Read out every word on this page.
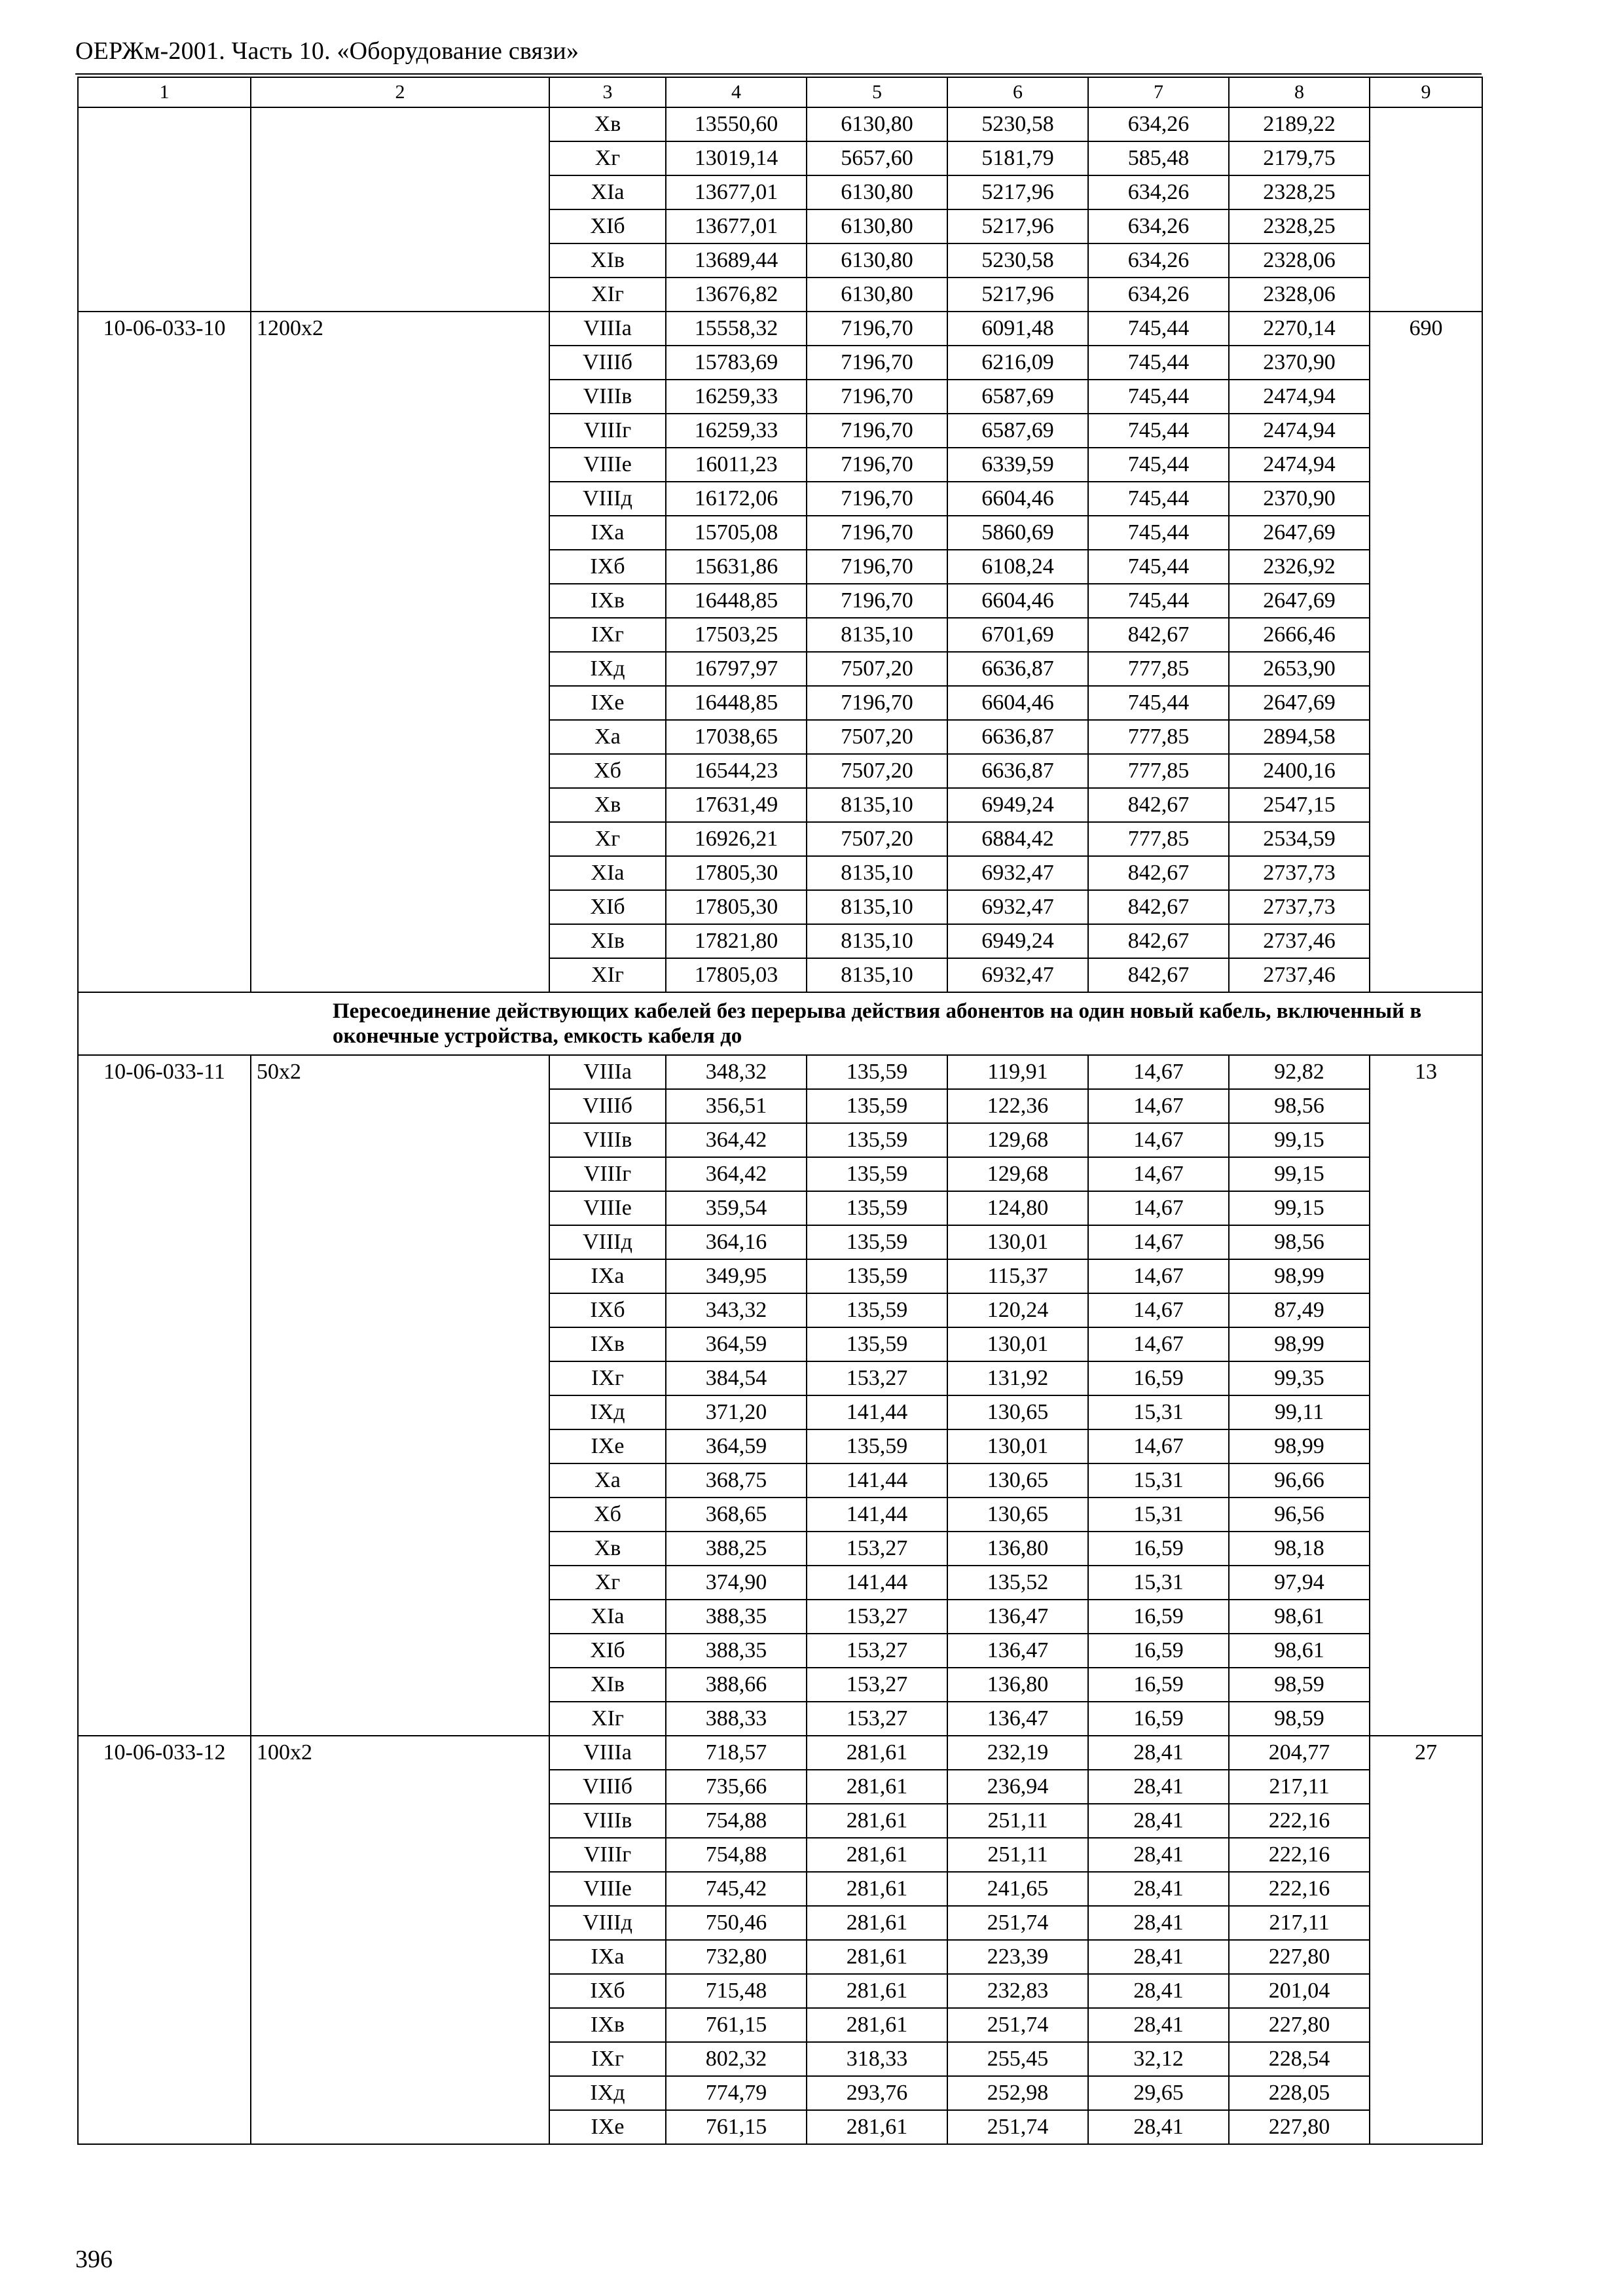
ОЕРЖм-2001. Часть 10. «Оборудование связи»
1	2	3	4	5	6	7	8	9
		Хв	13550,60	6130,80	5230,58	634,26	2189,22	
		Хг	13019,14	5657,60	5181,79	585,48	2179,75	
		XIa	13677,01	6130,80	5217,96	634,26	2328,25	
		XIб	13677,01	6130,80	5217,96	634,26	2328,25	
		XIв	13689,44	6130,80	5230,58	634,26	2328,06	
		XIг	13676,82	6130,80	5217,96	634,26	2328,06	
10-06-033-10	1200х2	VIIIa	15558,32	7196,70	6091,48	745,44	2270,14	690
		VIIIб	15783,69	7196,70	6216,09	745,44	2370,90	
		VIIIв	16259,33	7196,70	6587,69	745,44	2474,94	
		VIIIг	16259,33	7196,70	6587,69	745,44	2474,94	
		VIIIe	16011,23	7196,70	6339,59	745,44	2474,94	
		VIIIд	16172,06	7196,70	6604,46	745,44	2370,90	
		IXa	15705,08	7196,70	5860,69	745,44	2647,69	
		IXб	15631,86	7196,70	6108,24	745,44	2326,92	
		IXв	16448,85	7196,70	6604,46	745,44	2647,69	
		IXг	17503,25	8135,10	6701,69	842,67	2666,46	
		IXд	16797,97	7507,20	6636,87	777,85	2653,90	
		IXe	16448,85	7196,70	6604,46	745,44	2647,69	
		Xa	17038,65	7507,20	6636,87	777,85	2894,58	
		Xб	16544,23	7507,20	6636,87	777,85	2400,16	
		Хв	17631,49	8135,10	6949,24	842,67	2547,15	
		Хг	16926,21	7507,20	6884,42	777,85	2534,59	
		XIa	17805,30	8135,10	6932,47	842,67	2737,73	
		XIб	17805,30	8135,10	6932,47	842,67	2737,73	
		XIв	17821,80	8135,10	6949,24	842,67	2737,46	
		XIг	17805,03	8135,10	6932,47	842,67	2737,46	
Пересоединение действующих кабелей без перерыва действия абонентов на один новый кабель, включенный в оконечные устройства, емкость кабеля до								
10-06-033-11	50х2	VIIIa	348,32	135,59	119,91	14,67	92,82	13
		VIIIб	356,51	135,59	122,36	14,67	98,56	
		VIIIв	364,42	135,59	129,68	14,67	99,15	
		VIIIг	364,42	135,59	129,68	14,67	99,15	
		VIIIe	359,54	135,59	124,80	14,67	99,15	
		VIIIд	364,16	135,59	130,01	14,67	98,56	
		IXa	349,95	135,59	115,37	14,67	98,99	
		IXб	343,32	135,59	120,24	14,67	87,49	
		IXв	364,59	135,59	130,01	14,67	98,99	
		IXг	384,54	153,27	131,92	16,59	99,35	
		IXд	371,20	141,44	130,65	15,31	99,11	
		IXe	364,59	135,59	130,01	14,67	98,99	
		Xa	368,75	141,44	130,65	15,31	96,66	
		Xб	368,65	141,44	130,65	15,31	96,56	
		Хв	388,25	153,27	136,80	16,59	98,18	
		Хг	374,90	141,44	135,52	15,31	97,94	
		XIa	388,35	153,27	136,47	16,59	98,61	
		XIб	388,35	153,27	136,47	16,59	98,61	
		XIв	388,66	153,27	136,80	16,59	98,59	
		XIг	388,33	153,27	136,47	16,59	98,59	
10-06-033-12	100х2	VIIIa	718,57	281,61	232,19	28,41	204,77	27
		VIIIб	735,66	281,61	236,94	28,41	217,11	
		VIIIв	754,88	281,61	251,11	28,41	222,16	
		VIIIг	754,88	281,61	251,11	28,41	222,16	
		VIIIe	745,42	281,61	241,65	28,41	222,16	
		VIIIд	750,46	281,61	251,74	28,41	217,11	
		IXa	732,80	281,61	223,39	28,41	227,80	
		IXб	715,48	281,61	232,83	28,41	201,04	
		IXв	761,15	281,61	251,74	28,41	227,80	
		IXг	802,32	318,33	255,45	32,12	228,54	
		IXд	774,79	293,76	252,98	29,65	228,05	
		IXe	761,15	281,61	251,74	28,41	227,80	
396
